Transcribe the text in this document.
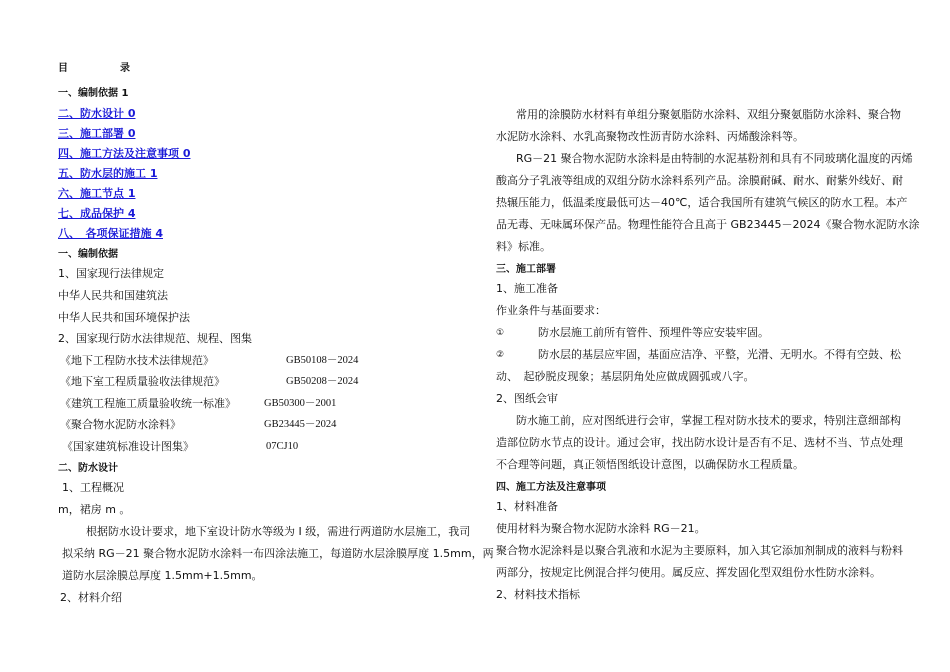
目	录
一、编制依据 1
二、防水设计 0
三、施工部署 0
四、施工方法及注意事项 0
五、防水层的施工 1
六、施工节点 1
七、成品保护 4
八、　各项保证措施 4
一、编制依据
1、国家现行法律规定
中华人民共和国建筑法
中华人民共和国环境保护法
2、国家现行防水法律规范、规程、图集
《地下工程防水技术法律规范》	GB50108－2024
《地下室工程质量验收法律规范》	GB50208－2024
《建筑工程施工质量验收统一标准》	GB50300－2001
《聚合物水泥防水涂料》	GB23445－2024
《国家建筑标准设计图集》	07CJ10
二、防水设计
1、工程概况
m，裙房 m 。
根据防水设计要求，地下室设计防水等级为 I 级，需进行两道防水层施工，我司
拟采纳 RG－21 聚合物水泥防水涂料一布四涂法施工，每道防水层涂膜厚度 1.5mm，两
道防水层涂膜总厚度 1.5mm+1.5mm。
2、材料介绍
常用的涂膜防水材料有单组分聚氨脂防水涂料、双组分聚氨脂防水涂料、聚合物
水泥防水涂料、水乳高聚物改性沥青防水涂料、丙烯酸涂料等。
RG－21 聚合物水泥防水涂料是由特制的水泥基粉剂和具有不同玻璃化温度的丙烯
酸高分子乳液等组成的双组分防水涂料系列产品。涂膜耐碱、耐水、耐紫外线好、耐
热辗压能力，低温柔度最低可达－40℃，适合我国所有建筑气候区的防水工程。本产
品无毒、无味属环保产品。物理性能符合且高于 GB23445－2024《聚合物水泥防水涂
料》标准。
三、施工部署
1、施工准备
作业条件与基面要求：
①	防水层施工前所有管件、预埋件等应安装牢固。
②	防水层的基层应牢固，基面应洁净、平整，光滑、无明水。不得有空鼓、松
动、　起砂脱皮现象；基层阴角处应做成圆弧或八字。
2、图纸会审
防水施工前，应对图纸进行会审，掌握工程对防水技术的要求，特别注意细部构
造部位防水节点的设计。通过会审，找出防水设计是否有不足、选材不当、节点处理
不合理等问题，真正领悟图纸设计意图，以确保防水工程质量。
四、施工方法及注意事项
1、材料准备
使用材料为聚合物水泥防水涂料 RG－21。
聚合物水泥涂料是以聚合乳液和水泥为主要原料，加入其它添加剂制成的液料与粉料
两部分，按规定比例混合拌匀使用。属反应、挥发固化型双组份水性防水涂料。
2、材料技术指标
